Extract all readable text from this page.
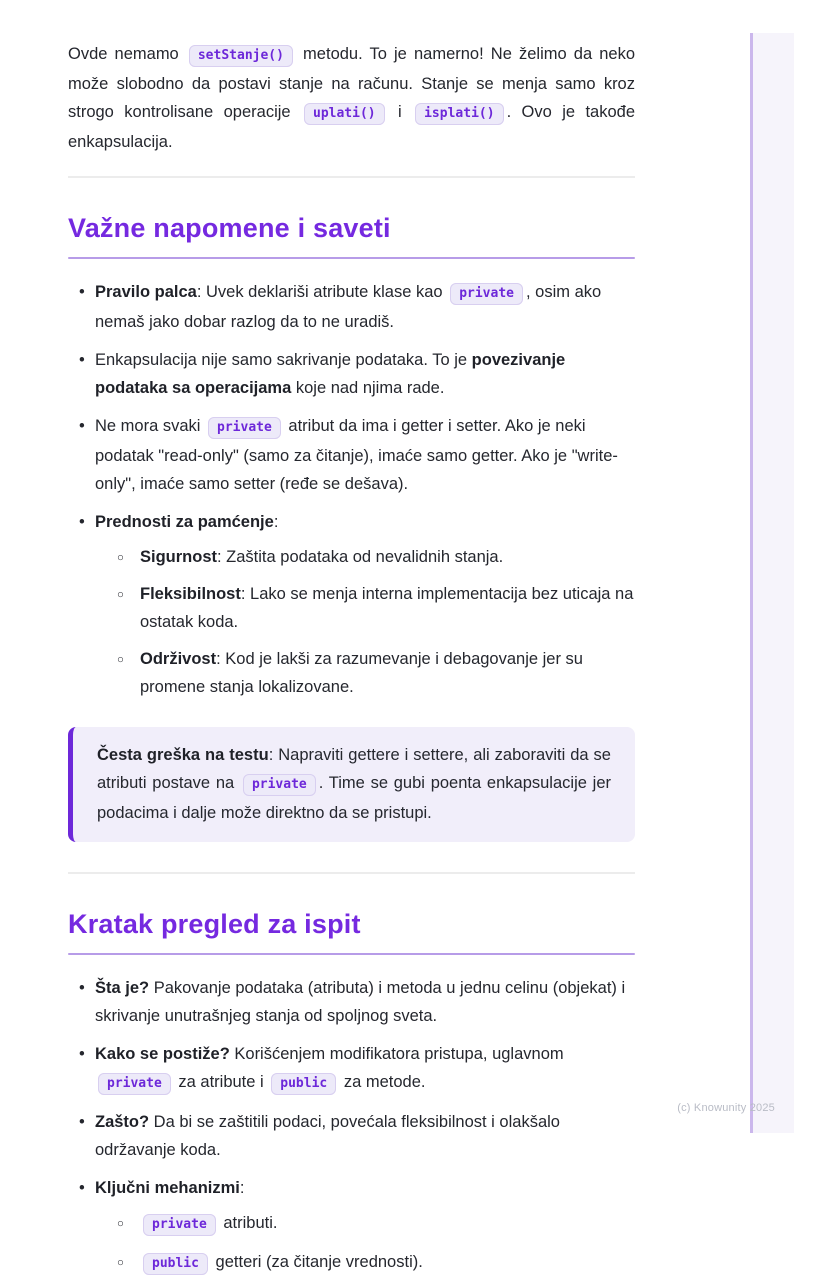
Ovde nemamo setStanje() metodu. To je namerno! Ne želimo da neko može slobodno da postavi stanje na računu. Stanje se menja samo kroz strogo kontrolisane operacije uplati() i isplati() . Ovo je takođe enkapsulacija.

Važne napomene i saveti
• Pravilo palca: Uvek deklariši atribute klase kao private , osim ako nemaš jako dobar razlog da to ne uradiš.
• Enkapsulacija nije samo sakrivanje podataka. To je povezivanje podataka sa operacijama koje nad njima rade.
• Ne mora svaki private atribut da ima i getter i setter. Ako je neki podatak "read-only" (samo za čitanje), imaće samo getter. Ako je "write-only", imaće samo setter (ređe se dešava).
• Prednosti za pamćenje:
○ Sigurnost: Zaštita podataka od nevalidnih stanja.
○ Fleksibilnost: Lako se menja interna implementacija bez uticaja na ostatak koda.
○ Održivost: Kod je lakši za razumevanje i debagovanje jer su promene stanja lokalizovane.

Česta greška na testu: Napraviti gettere i settere, ali zaboraviti da se atributi postave na private . Time se gubi poenta enkapsulacije jer podacima i dalje može direktno da se pristupi.

Kratak pregled za ispit
• Šta je? Pakovanje podataka (atributa) i metoda u jednu celinu (objekat) i skrivanje unutrašnjeg stanja od spoljnog sveta.
• Kako se postiže? Korišćenjem modifikatora pristupa, uglavnom private za atribute i public za metode.
• Zašto? Da bi se zaštitili podaci, povećala fleksibilnost i olakšalo održavanje koda.
• Ključni mehanizmi:
○ private atributi.
○ public getteri (za čitanje vrednosti).
(c) Knowunity 2025
